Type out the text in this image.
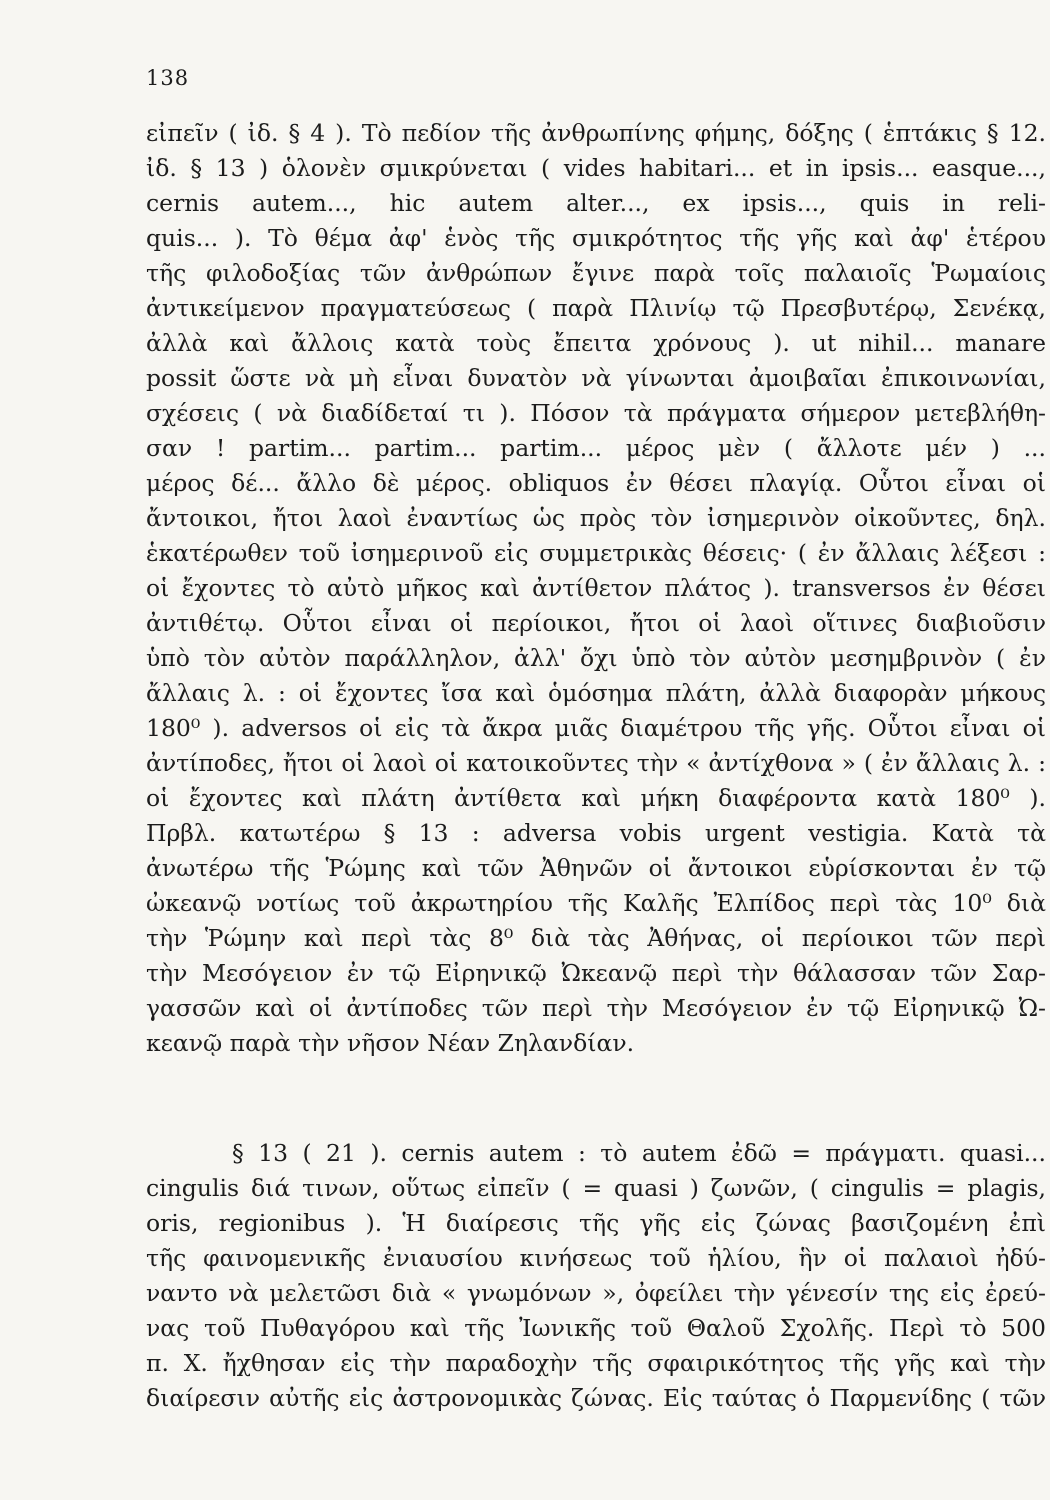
138
εἰπεῖν ( ἰδ. § 4 ). Τὸ πεδίον τῆς ἀνθρωπίνης φήμης, δόξης ( ἑπτάκις § 12.
ἰδ. § 13 ) ὁλονὲν σμικρύνεται ( vides habitari... et in ipsis... easque...,
cernis autem..., hic autem alter..., ex ipsis..., quis in reli-
quis... ). Τὸ θέμα ἀφ' ἑνὸς τῆς σμικρότητος τῆς γῆς καὶ ἀφ' ἑτέρου
τῆς φιλοδοξίας τῶν ἀνθρώπων ἔγινε παρὰ τοῖς παλαιοῖς Ῥωμαίοις
ἀντικείμενον πραγματεύσεως ( παρὰ Πλινίῳ τῷ Πρεσβυτέρῳ, Σενέκᾳ,
ἀλλὰ καὶ ἄλλοις κατὰ τοὺς ἔπειτα χρόνους ). ut nihil... manare
possit ὥστε νὰ μὴ εἶναι δυνατὸν νὰ γίνωνται ἀμοιβαῖαι ἐπικοινωνίαι,
σχέσεις ( νὰ διαδίδεταί τι ). Πόσον τὰ πράγματα σήμερον μετεβλήθη-
σαν ! partim... partim... partim... μέρος μὲν ( ἄλλοτε μέν ) ...
μέρος δέ... ἄλλο δὲ μέρος. obliquos ἐν θέσει πλαγίᾳ. Οὗτοι εἶναι οἱ
ἄντοικοι, ἤτοι λαοὶ ἐναντίως ὡς πρὸς τὸν ἰσημερινὸν οἰκοῦντες, δηλ.
ἑκατέρωθεν τοῦ ἰσημερινοῦ εἰς συμμετρικὰς θέσεις· ( ἐν ἄλλαις λέξεσι :
οἱ ἔχοντες τὸ αὐτὸ μῆκος καὶ ἀντίθετον πλάτος ). transversos ἐν θέσει
ἀντιθέτῳ. Οὗτοι εἶναι οἱ περίοικοι, ἤτοι οἱ λαοὶ οἵτινες διαβιοῦσιν
ὑπὸ τὸν αὐτὸν παράλληλον, ἀλλ' ὄχι ὑπὸ τὸν αὐτὸν μεσημβρινὸν ( ἐν
ἄλλαις λ. : οἱ ἔχοντες ἴσα καὶ ὁμόσημα πλάτη, ἀλλὰ διαφορὰν μήκους
180⁰ ). adversos οἱ εἰς τὰ ἄκρα μιᾶς διαμέτρου τῆς γῆς. Οὗτοι εἶναι οἱ
ἀντίποδες, ἤτοι οἱ λαοὶ οἱ κατοικοῦντες τὴν « ἀντίχθονα » ( ἐν ἄλλαις λ. :
οἱ ἔχοντες καὶ πλάτη ἀντίθετα καὶ μήκη διαφέροντα κατὰ 180⁰ ).
Πρβλ. κατωτέρω § 13 : adversa vobis urgent vestigia. Κατὰ τὰ
ἀνωτέρω τῆς Ῥώμης καὶ τῶν Ἀθηνῶν οἱ ἄντοικοι εὑρίσκονται ἐν τῷ
ὠκεανῷ νοτίως τοῦ ἀκρωτηρίου τῆς Καλῆς Ἐλπίδος περὶ τὰς 10⁰ διὰ
τὴν Ῥώμην καὶ περὶ τὰς 8⁰ διὰ τὰς Ἀθήνας, οἱ περίοικοι τῶν περὶ
τὴν Μεσόγειον ἐν τῷ Εἰρηνικῷ Ὠκεανῷ περὶ τὴν θάλασσαν τῶν Σαρ-
γασσῶν καὶ οἱ ἀντίποδες τῶν περὶ τὴν Μεσόγειον ἐν τῷ Εἰρηνικῷ Ὠ-
κεανῷ παρὰ τὴν νῆσον Νέαν Ζηλανδίαν.
§ 13 ( 21 ). cernis autem : τὸ autem ἐδῶ = πράγματι. quasi...
cingulis διά τινων, οὕτως εἰπεῖν ( = quasi ) ζωνῶν, ( cingulis = plagis,
oris, regionibus ). Ἡ διαίρεσις τῆς γῆς εἰς ζώνας βασιζομένη ἐπὶ
τῆς φαινομενικῆς ἐνιαυσίου κινήσεως τοῦ ἡλίου, ἣν οἱ παλαιοὶ ἠδύ-
ναντο νὰ μελετῶσι διὰ « γνωμόνων », ὀφείλει τὴν γένεσίν της εἰς ἐρεύ-
νας τοῦ Πυθαγόρου καὶ τῆς Ἰωνικῆς τοῦ Θαλοῦ Σχολῆς. Περὶ τὸ 500
π. Χ. ἤχθησαν εἰς τὴν παραδοχὴν τῆς σφαιρικότητος τῆς γῆς καὶ τὴν
διαίρεσιν αὐτῆς εἰς ἀστρονομικὰς ζώνας. Εἰς ταύτας ὁ Παρμενίδης ( τῶν
